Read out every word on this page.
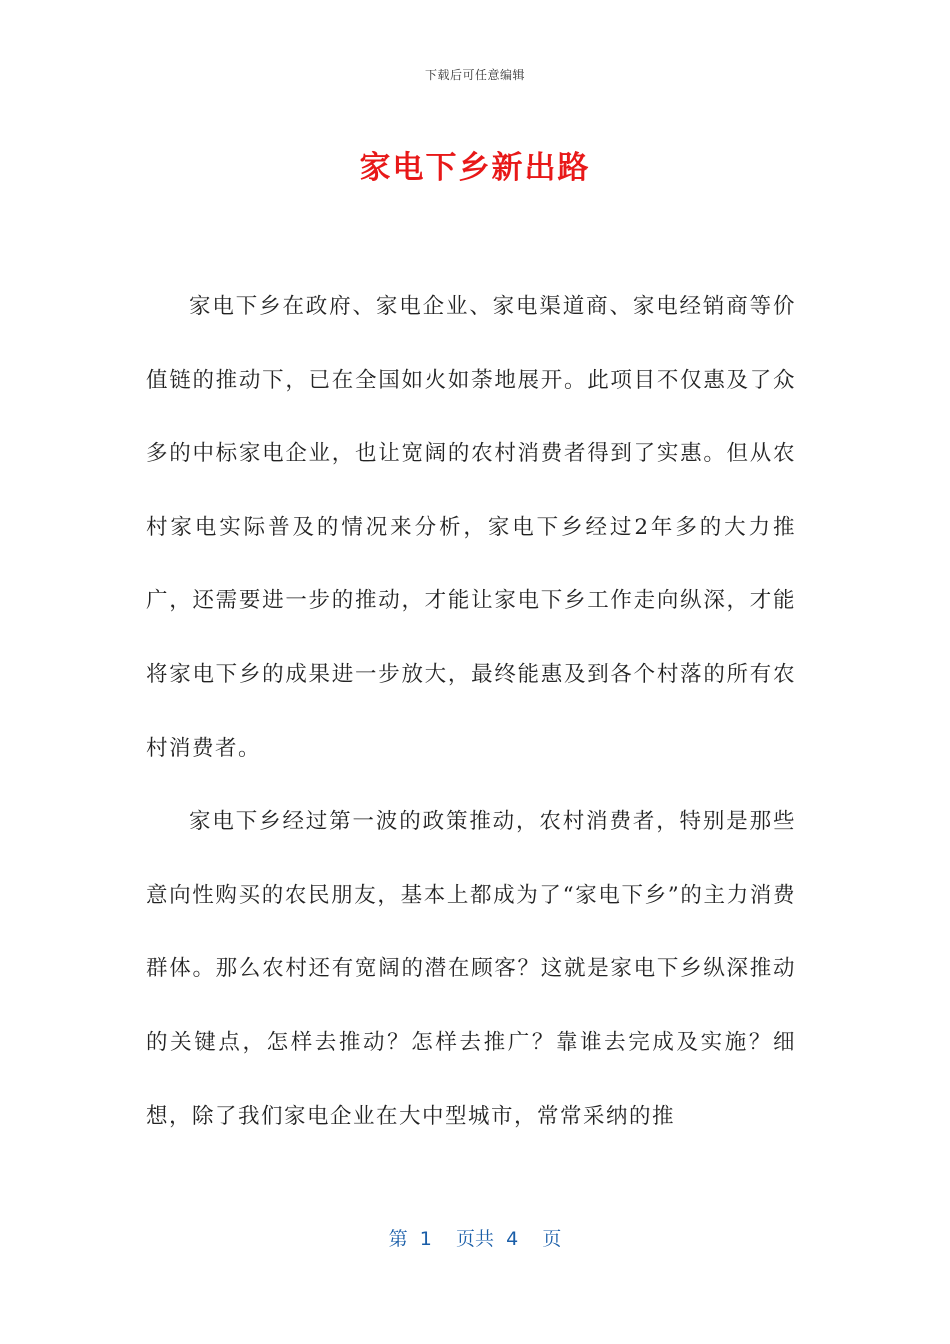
下载后可任意编辑
家电下乡新出路

家电下乡在政府、家电企业、家电渠道商、家电经销商等价值链的推动下，已在全国如火如荼地展开。此项目不仅惠及了众多的中标家电企业，也让宽阔的农村消费者得到了实惠。但从农村家电实际普及的情况来分析，家电下乡经过2年多的大力推广，还需要进一步的推动，才能让家电下乡工作走向纵深，才能将家电下乡的成果进一步放大，最终能惠及到各个村落的所有农村消费者。

家电下乡经过第一波的政策推动，农村消费者，特别是那些意向性购买的农民朋友，基本上都成为了“家电下乡”的主力消费群体。那么农村还有宽阔的潜在顾客？这就是家电下乡纵深推动的关键点，怎样去推动？怎样去推广？靠谁去完成及实施？细想，除了我们家电企业在大中型城市，常常采纳的推

第  1    页共  4    页
